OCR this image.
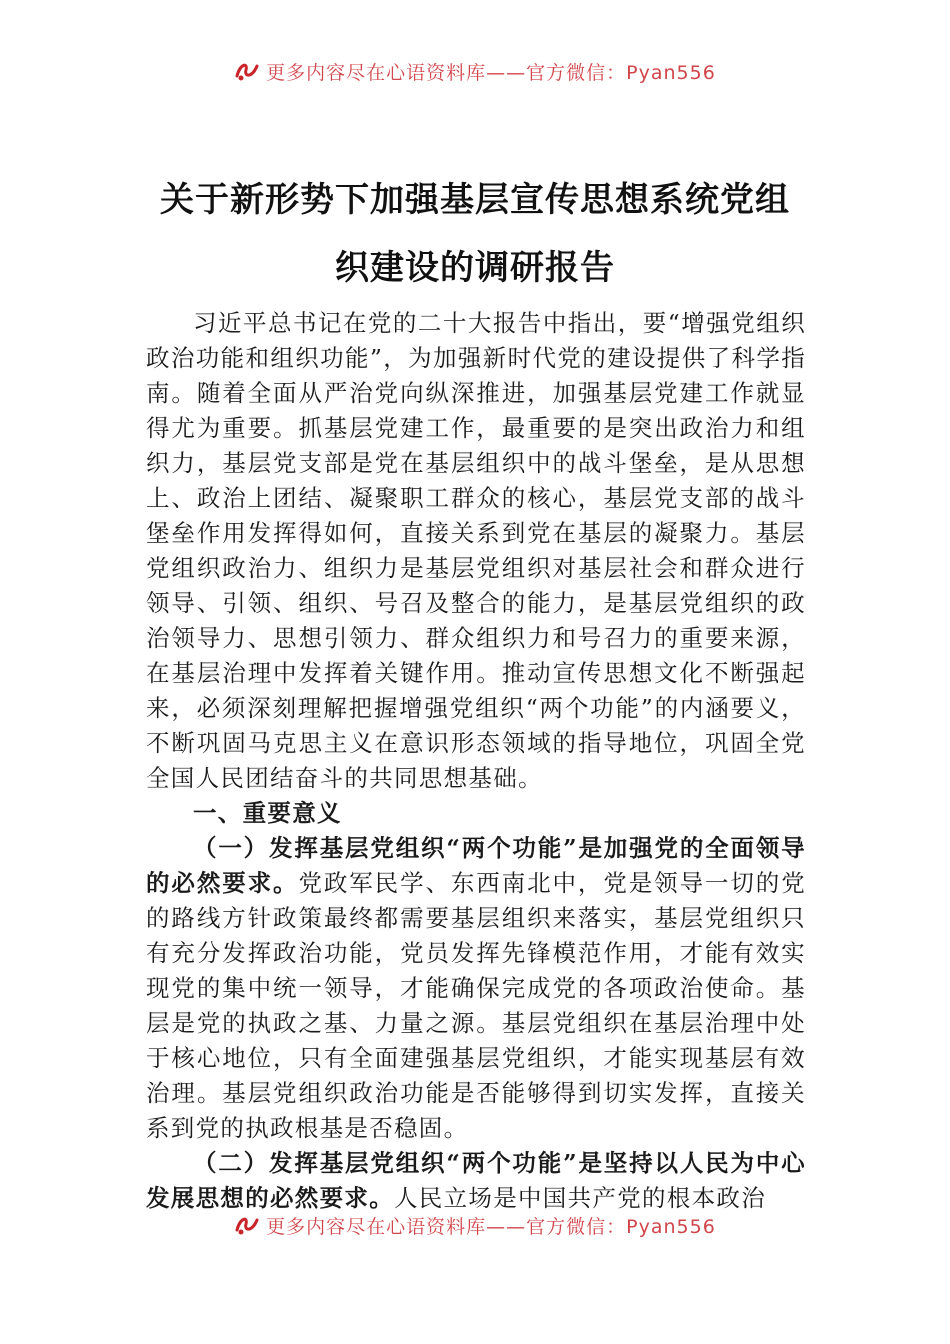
更多内容尽在心语资料库——官方微信：Pyan556
关于新形势下加强基层宣传思想系统党组
织建设的调研报告

习近平总书记在党的二十大报告中指出，要“增强党组织政治功能和组织功能”，为加强新时代党的建设提供了科学指南。随着全面从严治党向纵深推进，加强基层党建工作就显得尤为重要。抓基层党建工作，最重要的是突出政治力和组织力，基层党支部是党在基层组织中的战斗堡垒，是从思想上、政治上团结、凝聚职工群众的核心，基层党支部的战斗堡垒作用发挥得如何，直接关系到党在基层的凝聚力。基层党组织政治力、组织力是基层党组织对基层社会和群众进行领导、引领、组织、号召及整合的能力，是基层党组织的政治领导力、思想引领力、群众组织力和号召力的重要来源，在基层治理中发挥着关键作用。推动宣传思想文化不断强起来，必须深刻理解把握增强党组织“两个功能”的内涵要义，不断巩固马克思主义在意识形态领域的指导地位，巩固全党全国人民团结奋斗的共同思想基础。

一、重要意义

（一）发挥基层党组织“两个功能”是加强党的全面领导的必然要求。党政军民学、东西南北中，党是领导一切的党的路线方针政策最终都需要基层组织来落实，基层党组织只有充分发挥政治功能，党员发挥先锋模范作用，才能有效实现党的集中统一领导，才能确保完成党的各项政治使命。基层是党的执政之基、力量之源。基层党组织在基层治理中处于核心地位，只有全面建强基层党组织，才能实现基层有效治理。基层党组织政治功能是否能够得到切实发挥，直接关系到党的执政根基是否稳固。

（二）发挥基层党组织“两个功能”是坚持以人民为中心发展思想的必然要求。人民立场是中国共产党的根本政治

更多内容尽在心语资料库——官方微信：Pyan556
